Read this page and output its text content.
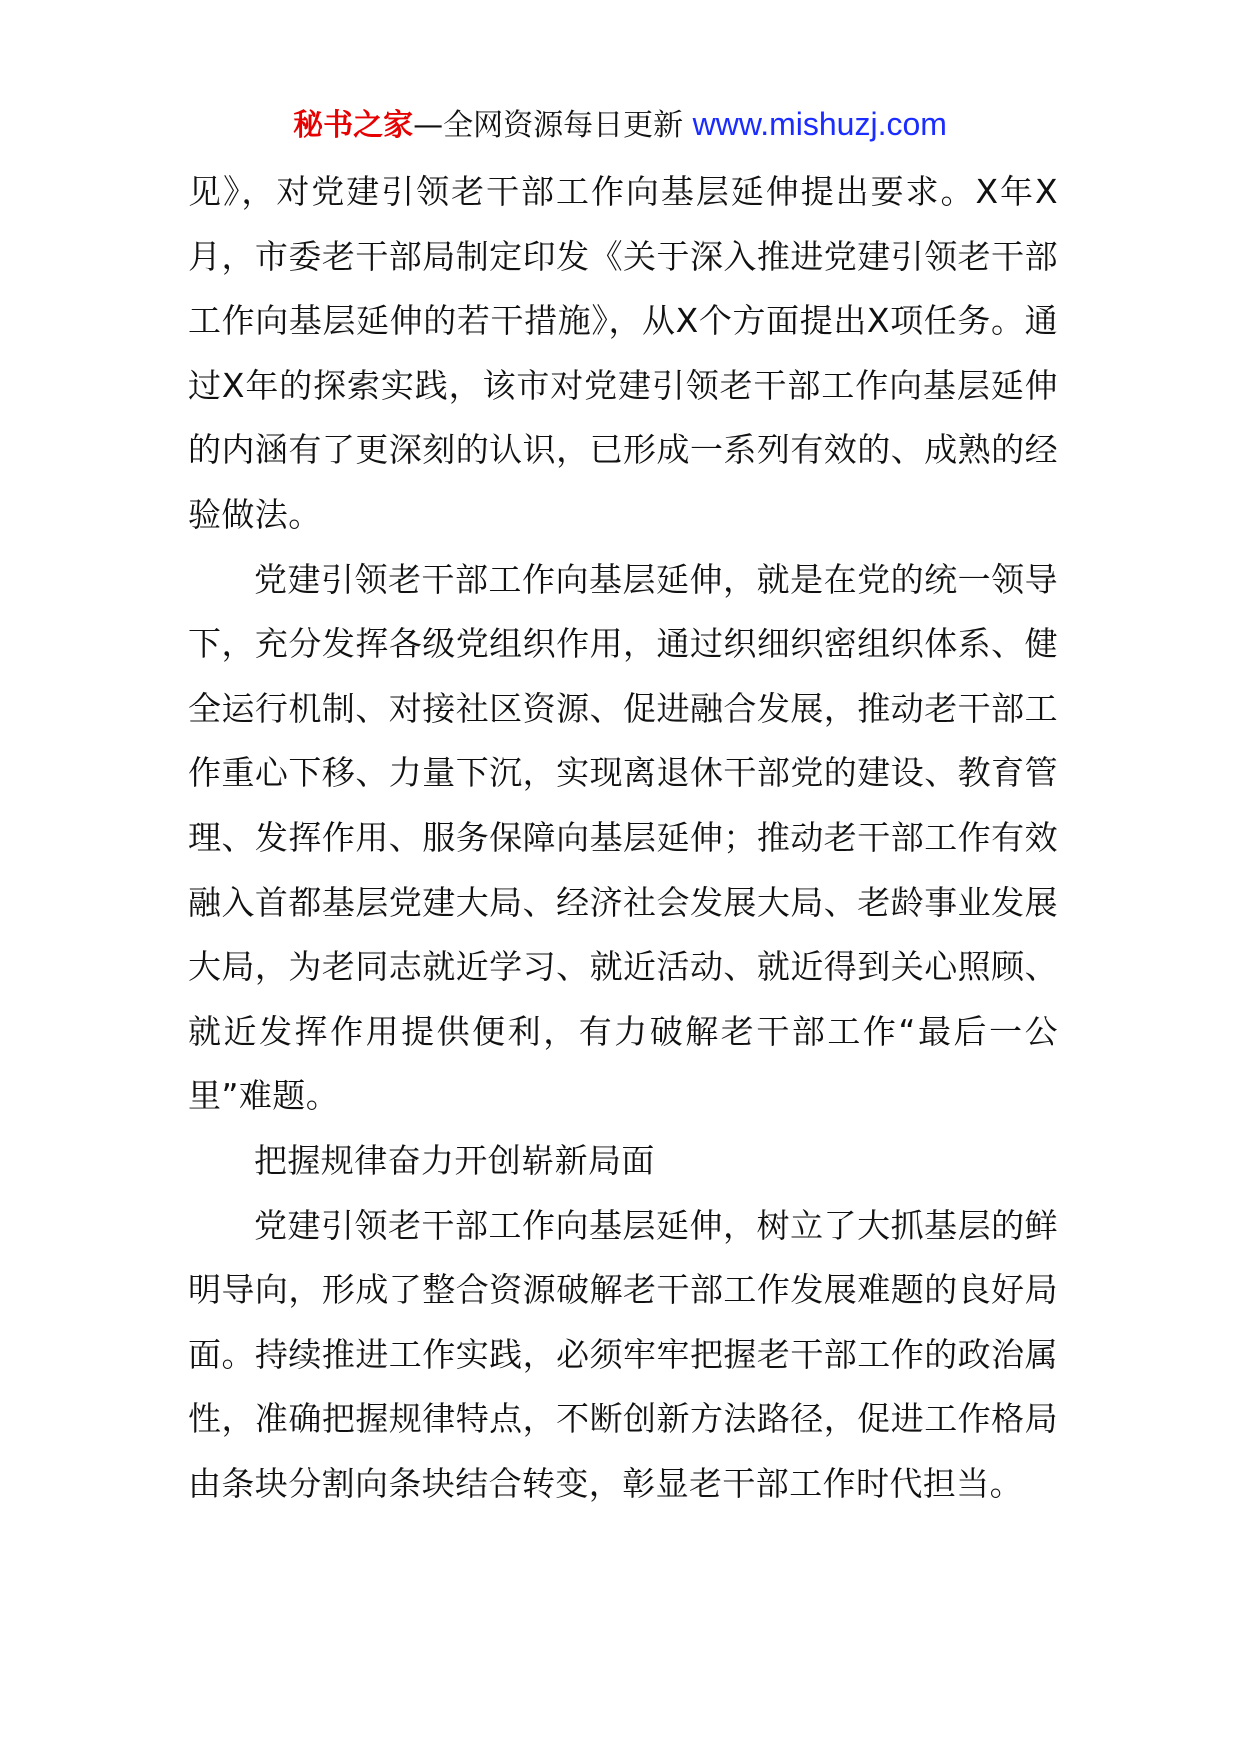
秘书之家—全网资源每日更新 www.mishuzj.com

见》，对党建引领老干部工作向基层延伸提出要求。X年X月，市委老干部局制定印发《关于深入推进党建引领老干部工作向基层延伸的若干措施》，从X个方面提出X项任务。通过X年的探索实践，该市对党建引领老干部工作向基层延伸的内涵有了更深刻的认识，已形成一系列有效的、成熟的经验做法。

党建引领老干部工作向基层延伸，就是在党的统一领导下，充分发挥各级党组织作用，通过织细织密组织体系、健全运行机制、对接社区资源、促进融合发展，推动老干部工作重心下移、力量下沉，实现离退休干部党的建设、教育管理、发挥作用、服务保障向基层延伸；推动老干部工作有效融入首都基层党建大局、经济社会发展大局、老龄事业发展大局，为老同志就近学习、就近活动、就近得到关心照顾、就近发挥作用提供便利，有力破解老干部工作“最后一公里”难题。

把握规律奋力开创崭新局面

党建引领老干部工作向基层延伸，树立了大抓基层的鲜明导向，形成了整合资源破解老干部工作发展难题的良好局面。持续推进工作实践，必须牢牢把握老干部工作的政治属性，准确把握规律特点，不断创新方法路径，促进工作格局由条块分割向条块结合转变，彰显老干部工作时代担当。
